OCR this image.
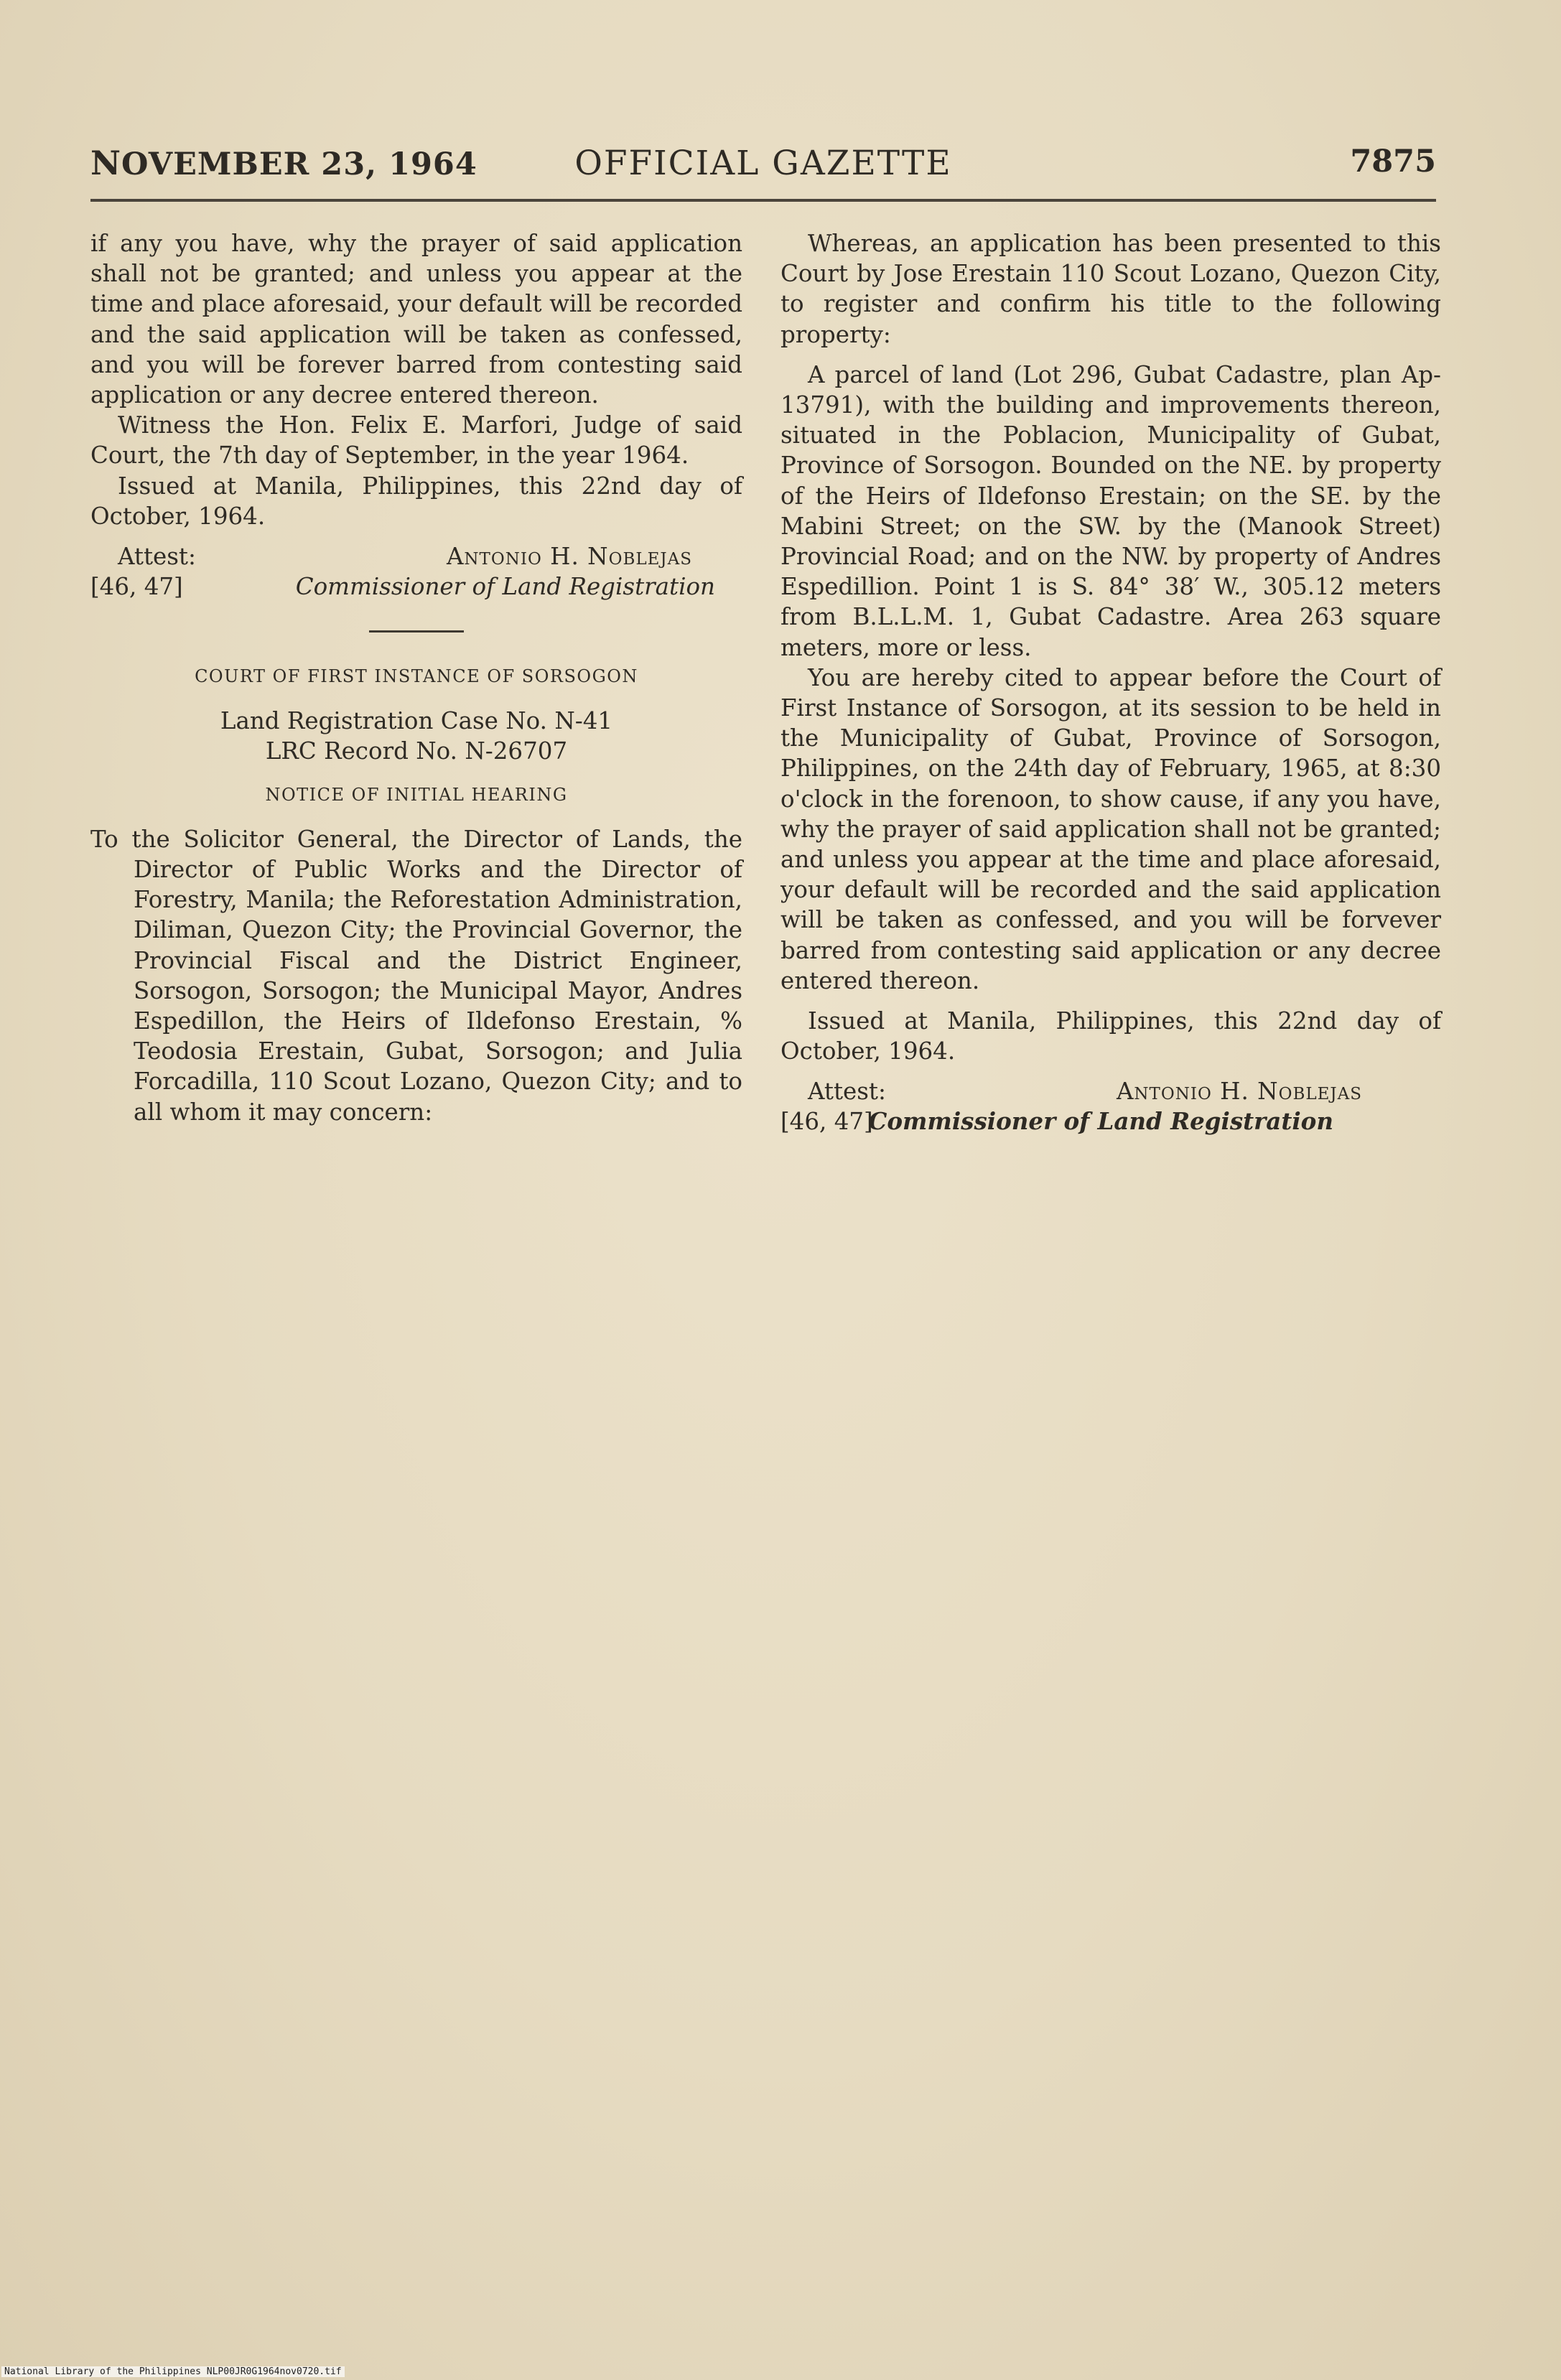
NOVEMBER 23, 1964	OFFICIAL GAZETTE	7875

if any you have, why the prayer of said application shall not be granted; and unless you appear at the time and place aforesaid, your default will be recorded and the said application will be taken as confessed, and you will be forever barred from contesting said application or any decree entered thereon.

Witness the Hon. Felix E. Marfori, Judge of said Court, the 7th day of September, in the year 1964.

Issued at Manila, Philippines, this 22nd day of October, 1964.

Attest:
[46, 47]
Antonio H. Noblejas
Commissioner of Land Registration
COURT OF FIRST INSTANCE OF SORSOGON

Land Registration Case No. N-41

LRC Record No. N-26707

NOTICE OF INITIAL HEARING

To the Solicitor General, the Director of Lands, the Director of Public Works and the Director of Forestry, Manila; the Reforestation Administration, Diliman, Quezon City; the Provincial Governor, the Provincial Fiscal and the District Engineer, Sorsogon, Sorsogon; the Municipal Mayor, Andres Espedillon, the Heirs of Ildefonso Erestain, % Teodosia Erestain, Gubat, Sorsogon; and Julia Forcadilla, 110 Scout Lozano, Quezon City; and to all whom it may concern:

Whereas, an application has been presented to this Court by Jose Erestain 110 Scout Lozano, Quezon City, to register and confirm his title to the following property:

A parcel of land (Lot 296, Gubat Cadastre, plan Ap-13791), with the building and improvements thereon, situated in the Poblacion, Municipality of Gubat, Province of Sorsogon. Bounded on the NE. by property of the Heirs of Ildefonso Erestain; on the SE. by the Mabini Street; on the SW. by the (Manook Street) Provincial Road; and on the NW. by property of Andres Espedillion. Point 1 is S. 84° 38′ W., 305.12 meters from B.L.L.M. 1, Gubat Cadastre. Area 263 square meters, more or less.

You are hereby cited to appear before the Court of First Instance of Sorsogon, at its session to be held in the Municipality of Gubat, Province of Sorsogon, Philippines, on the 24th day of February, 1965, at 8:30 o'clock in the forenoon, to show cause, if any you have, why the prayer of said application shall not be granted; and unless you appear at the time and place aforesaid, your default will be recorded and the said application will be taken as confessed, and you will be forvever barred from contesting said application or any decree entered thereon.

Issued at Manila, Philippines, this 22nd day of October, 1964.

Attest:
[46, 47]
Antonio H. Noblejas
Commissioner of Land Registration
National Library of the Philippines NLP00JR0G1964nov0720.tif
